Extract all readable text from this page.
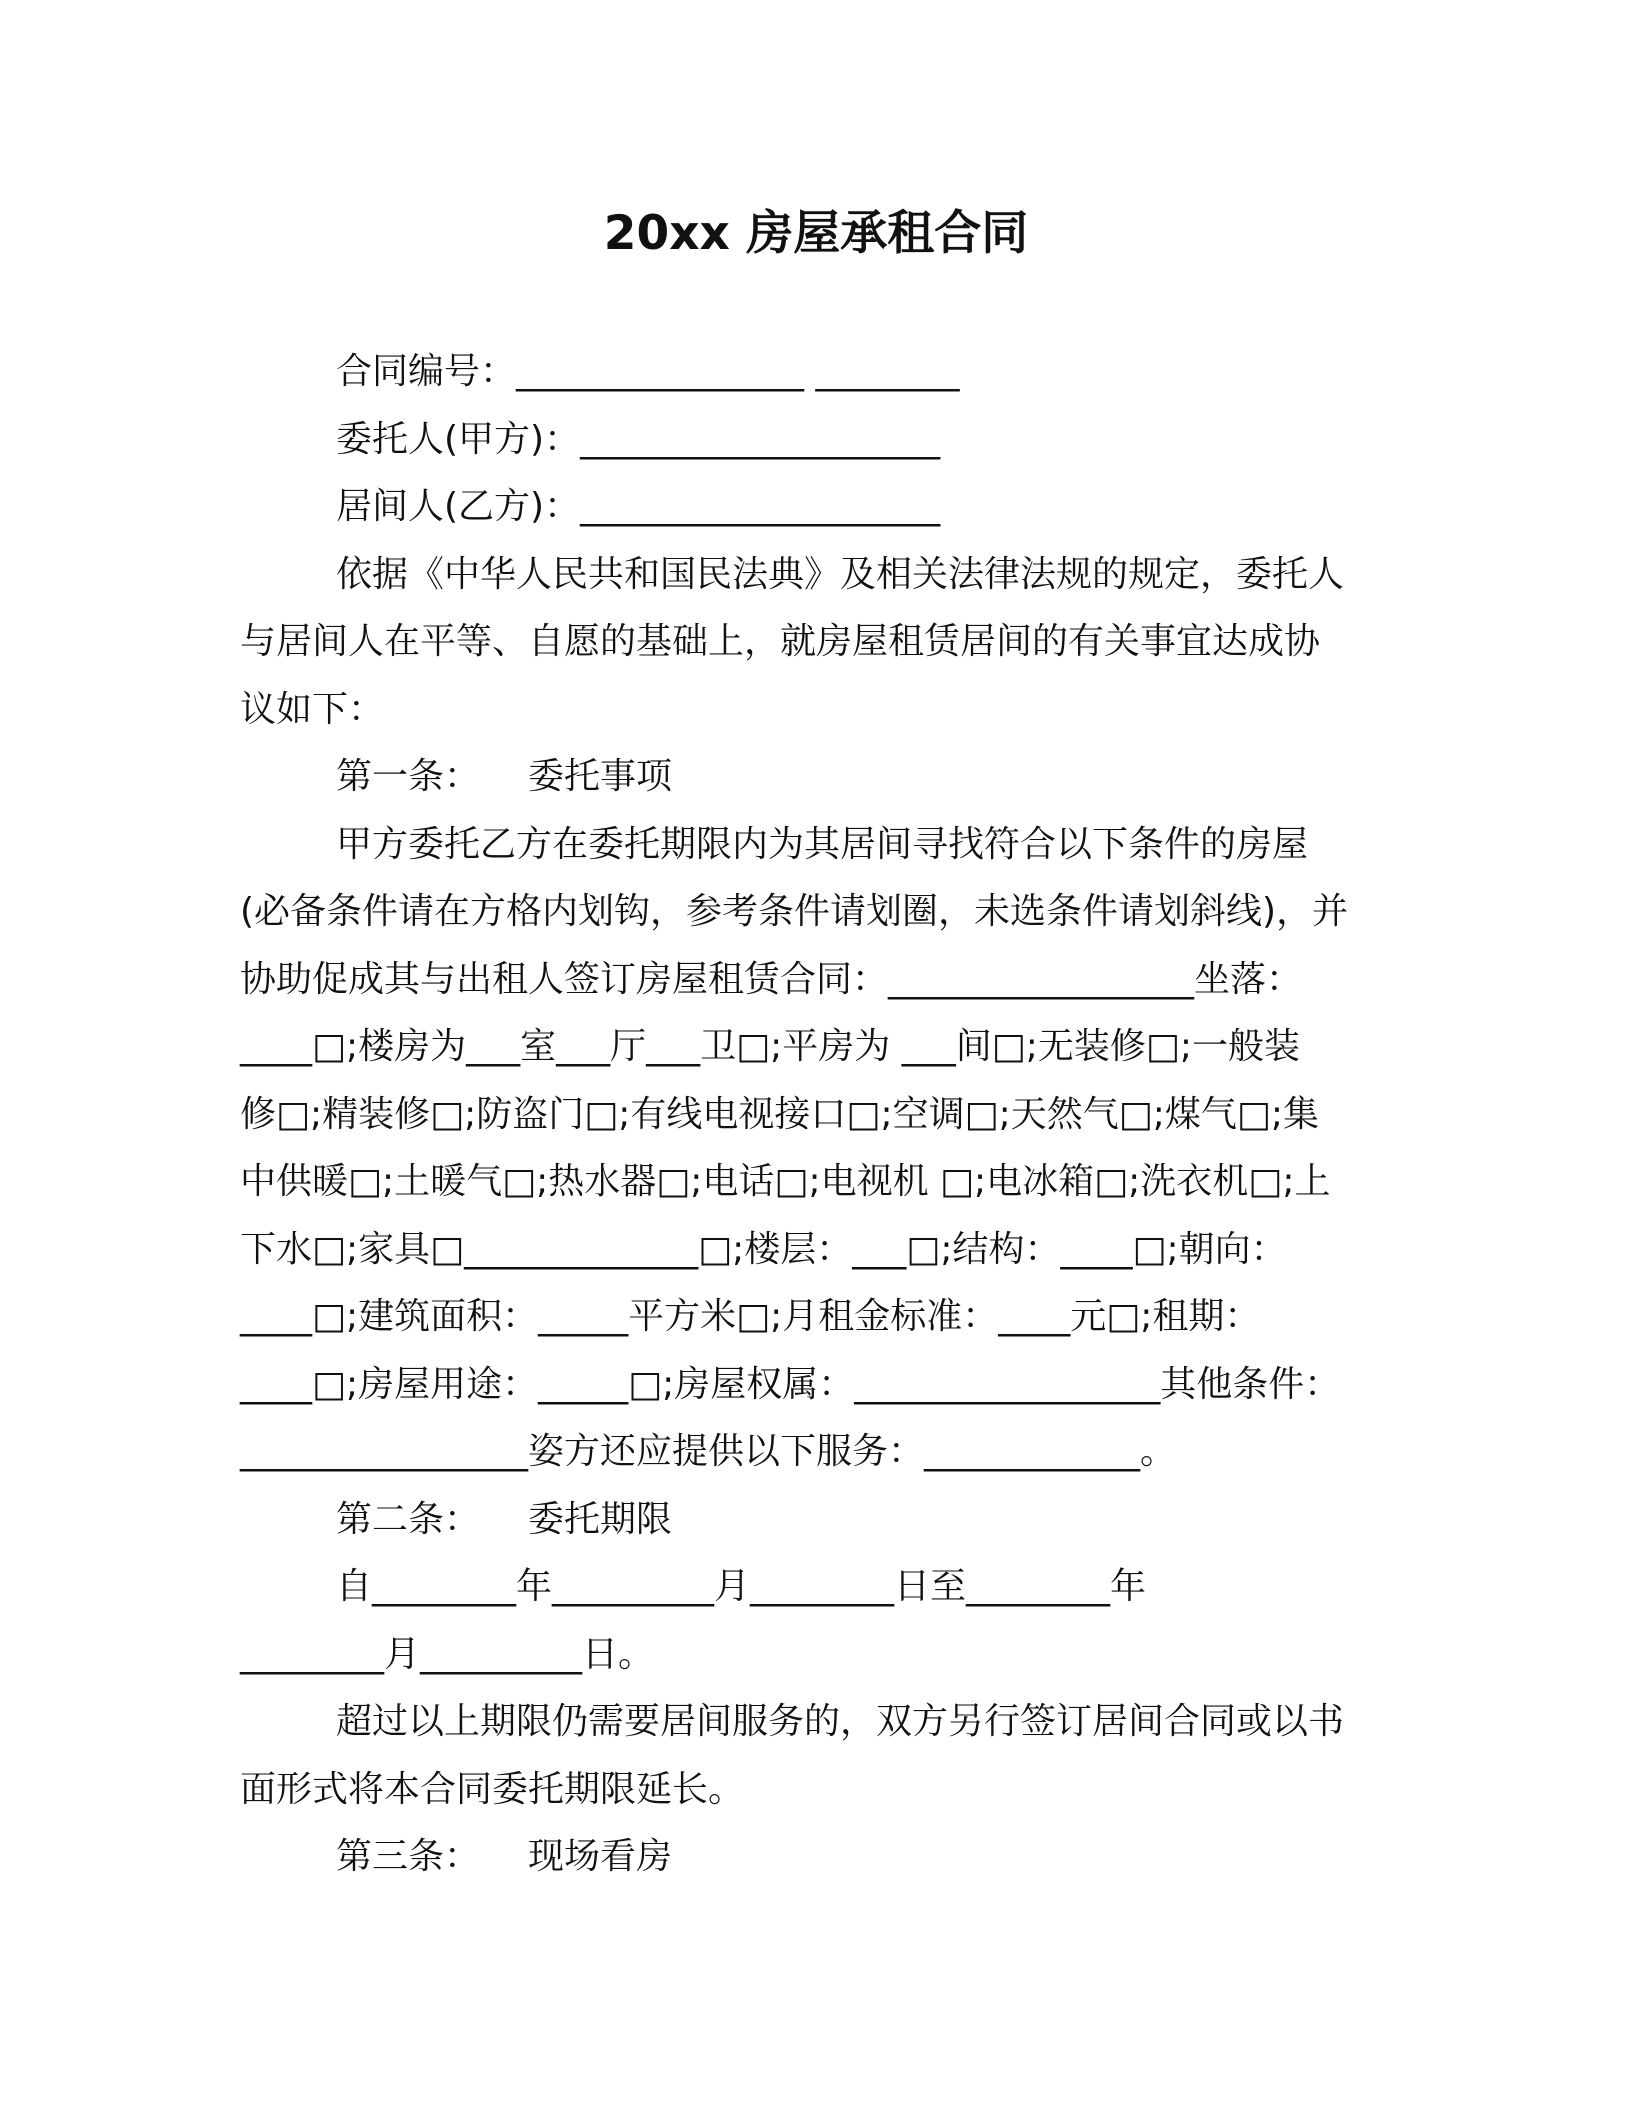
20xx 房屋承租合同

合同编号：________________ ________

委托人(甲方)：____________________

居间人(乙方)：____________________

依据《中华人民共和国民法典》及相关法律法规的规定，委托人

与居间人在平等、自愿的基础上，就房屋租赁居间的有关事宜达成协

议如下：

第一条： 委托事项

甲方委托乙方在委托期限内为其居间寻找符合以下条件的房屋

(必备条件请在方格内划钩，参考条件请划圈，未选条件请划斜线)，并

协助促成其与出租人签订房屋租赁合同：_________________坐落：

____□;楼房为___室___厅___卫□;平房为 ___间□;无装修□;一般装

修□;精装修□;防盗门□;有线电视接口□;空调□;天然气□;煤气□;集

中供暖□;土暖气□;热水器□;电话□;电视机 □;电冰箱□;洗衣机□;上

下水□;家具□_____________□;楼层：___□;结构：____□;朝向：

____□;建筑面积：_____平方米□;月租金标准：____元□;租期：

____□;房屋用途：_____□;房屋权属：_________________其他条件：

________________姿方还应提供以下服务：____________。

第二条： 委托期限

自________年_________月________日至________年

________月_________日。

超过以上期限仍需要居间服务的，双方另行签订居间合同或以书

面形式将本合同委托期限延长。

第三条： 现场看房
